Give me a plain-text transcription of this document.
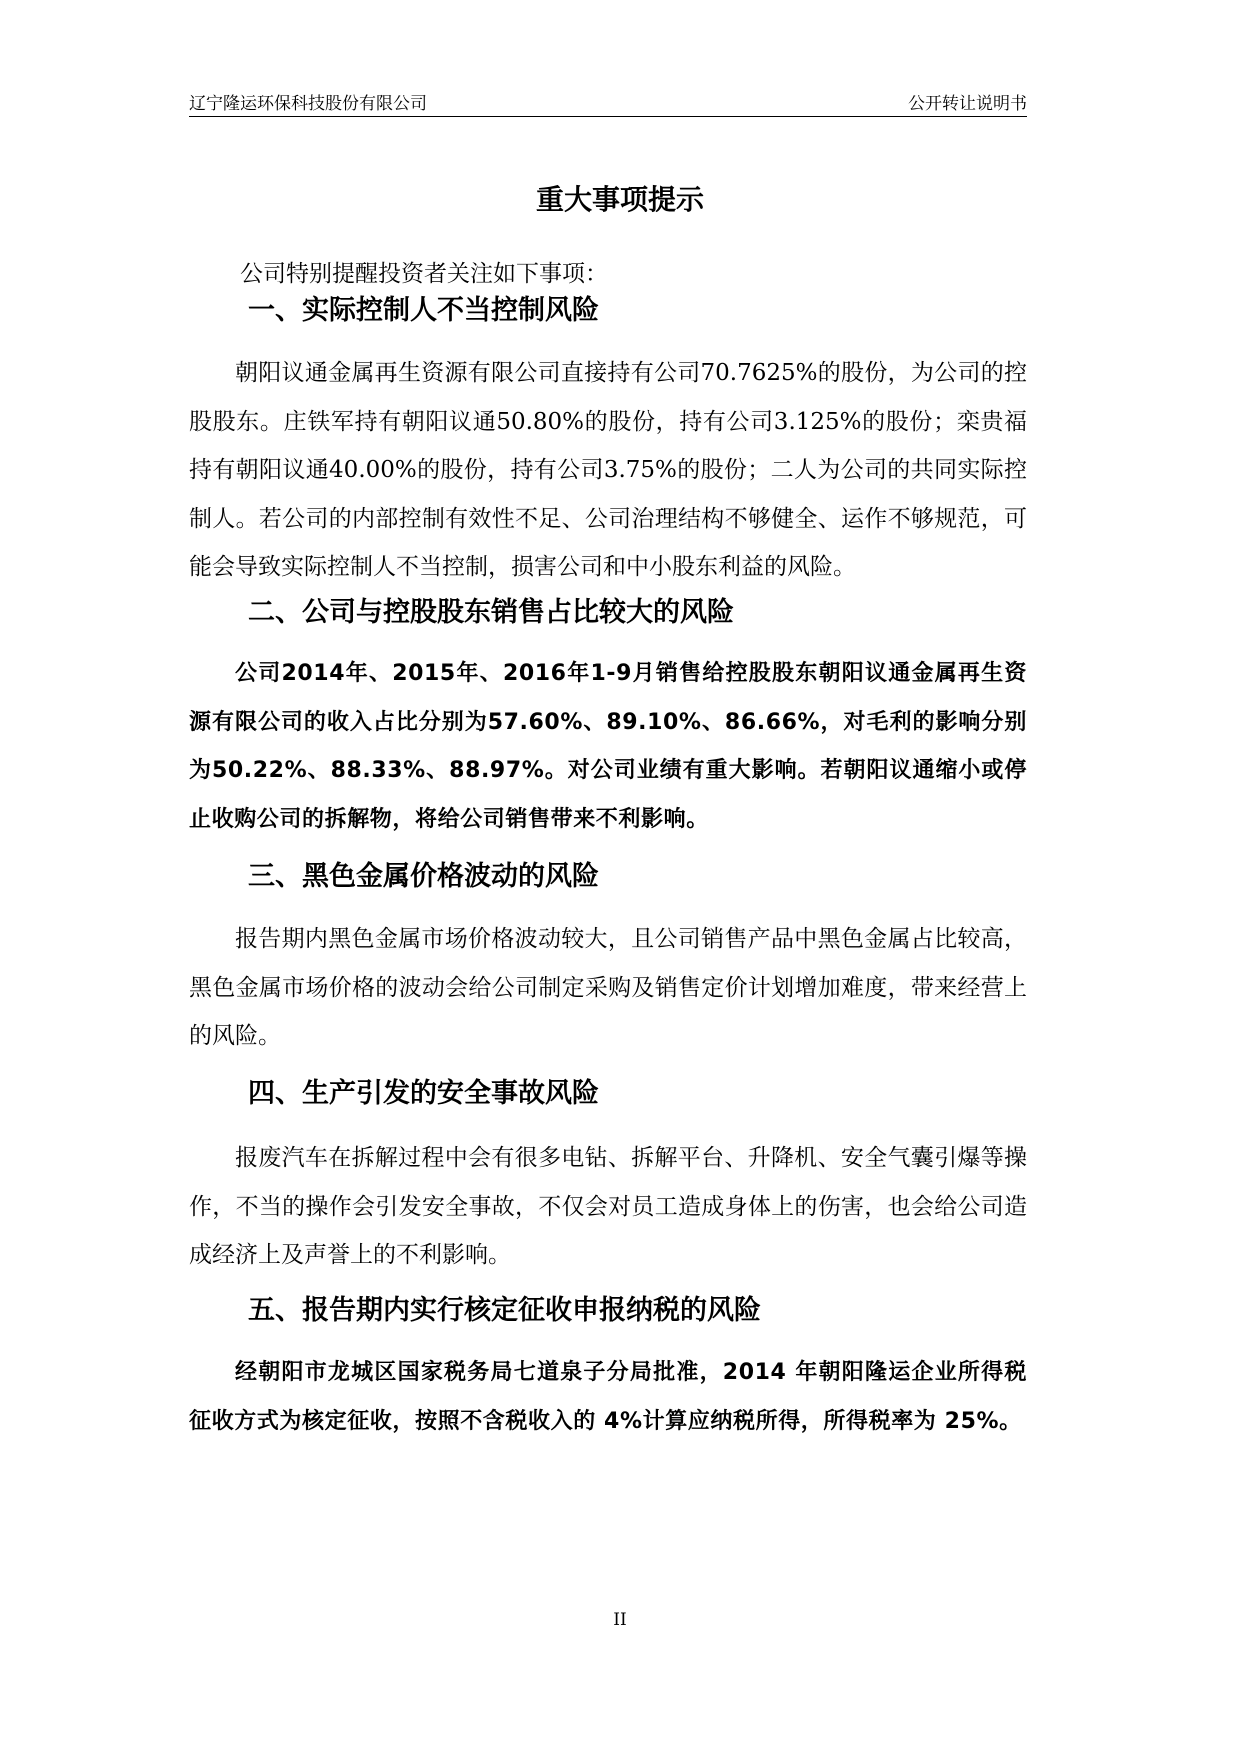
辽宁隆运环保科技股份有限公司	公开转让说明书
重大事项提示
公司特别提醒投资者关注如下事项：
一、实际控制人不当控制风险

朝阳议通金属再生资源有限公司直接持有公司70.7625%的股份，为公司的控股股东。庄铁军持有朝阳议通50.80%的股份，持有公司3.125%的股份；栾贵福持有朝阳议通40.00%的股份，持有公司3.75%的股份；二人为公司的共同实际控制人。若公司的内部控制有效性不足、公司治理结构不够健全、运作不够规范，可能会导致实际控制人不当控制，损害公司和中小股东利益的风险。

二、公司与控股股东销售占比较大的风险

公司2014年、2015年、2016年1-9月销售给控股股东朝阳议通金属再生资源有限公司的收入占比分别为57.60%、89.10%、86.66%，对毛利的影响分别为50.22%、88.33%、88.97%。对公司业绩有重大影响。若朝阳议通缩小或停止收购公司的拆解物，将给公司销售带来不利影响。

三、黑色金属价格波动的风险

报告期内黑色金属市场价格波动较大，且公司销售产品中黑色金属占比较高，黑色金属市场价格的波动会给公司制定采购及销售定价计划增加难度，带来经营上的风险。

四、生产引发的安全事故风险

报废汽车在拆解过程中会有很多电钻、拆解平台、升降机、安全气囊引爆等操作，不当的操作会引发安全事故，不仅会对员工造成身体上的伤害，也会给公司造成经济上及声誉上的不利影响。

五、报告期内实行核定征收申报纳税的风险

经朝阳市龙城区国家税务局七道泉子分局批准，2014 年朝阳隆运企业所得税征收方式为核定征收，按照不含税收入的 4%计算应纳税所得，所得税率为 25%。

II
